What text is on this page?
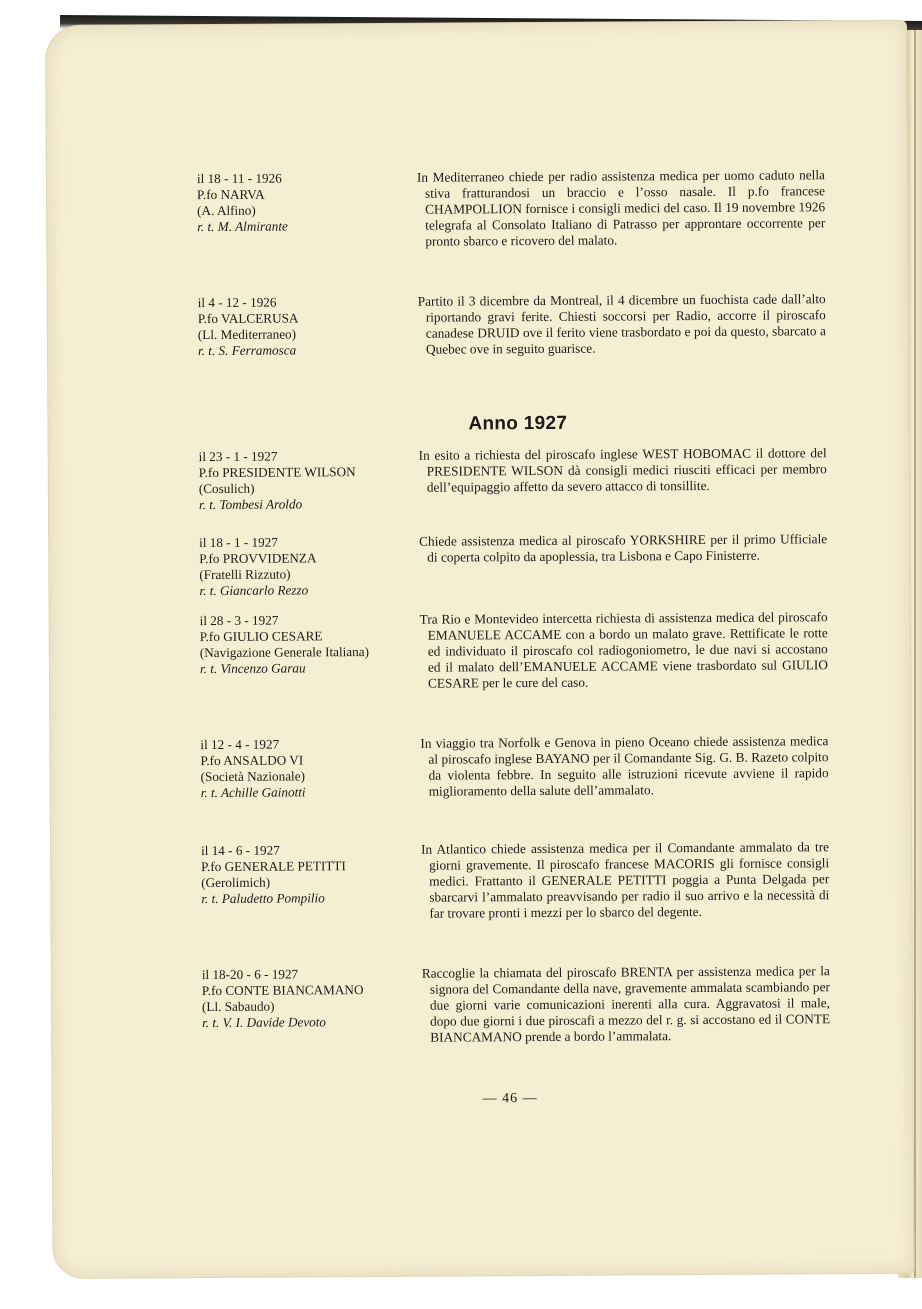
il 18 - 11 - 1926
P.fo NARVA
(A. Alfino)
r. t. M. Almirante

In Mediterraneo chiede per radio assistenza medica per uomo caduto nella stiva fratturandosi un braccio e l’osso nasale. Il p.fo francese CHAMPOLLION fornisce i consigli medici del caso. Il 19 novembre 1926 telegrafa al Consolato Italiano di Patrasso per approntare occorrente per pronto sbarco e ricovero del malato.

il 4 - 12 - 1926
P.fo VALCERUSA
(Ll. Mediterraneo)
r. t. S. Ferramosca

Partito il 3 dicembre da Montreal, il 4 dicembre un fuochista cade dall’alto riportando gravi ferite. Chiesti soccorsi per Radio, accorre il piroscafo canadese DRUID ove il ferito viene trasbordato e poi da questo, sbarcato a Quebec ove in seguito guarisce.

Anno 1927
il 23 - 1 - 1927
P.fo PRESIDENTE WILSON
(Cosulich)
r. t. Tombesi Aroldo

In esito a richiesta del piroscafo inglese WEST HOBOMAC il dottore del PRESIDENTE WILSON dà consigli medici riusciti efficaci per membro dell’equipaggio affetto da severo attacco di tonsillite.

il 18 - 1 - 1927
P.fo PROVVIDENZA
(Fratelli Rizzuto)
r. t. Giancarlo Rezzo

Chiede assistenza medica al piroscafo YORKSHIRE per il primo Ufficiale di coperta colpito da apoplessia, tra Lisbona e Capo Finisterre.

il 28 - 3 - 1927
P.fo GIULIO CESARE
(Navigazione Generale Italiana)
r. t. Vincenzo Garau

Tra Rio e Montevideo intercetta richiesta di assistenza medica del piroscafo EMANUELE ACCAME con a bordo un malato grave. Rettificate le rotte ed individuato il piroscafo col radiogoniometro, le due navi si accostano ed il malato dell’EMANUELE ACCAME viene trasbordato sul GIULIO CESARE per le cure del caso.

il 12 - 4 - 1927
P.fo ANSALDO VI
(Società Nazionale)
r. t. Achille Gainotti

In viaggio tra Norfolk e Genova in pieno Oceano chiede assistenza medica al piroscafo inglese BAYANO per il Comandante Sig. G. B. Razeto colpito da violenta febbre. In seguito alle istruzioni ricevute avviene il rapido miglioramento della salute dell’ammalato.

il 14 - 6 - 1927
P.fo GENERALE PETITTI
(Gerolimich)
r. t. Paludetto Pompilio

In Atlantico chiede assistenza medica per il Comandante ammalato da tre giorni gravemente. Il piroscafo francese MACORIS gli fornisce consigli medici. Frattanto il GENERALE PETITTI poggia a Punta Delgada per sbarcarvi l’ammalato preavvisando per radio il suo arrivo e la necessità di far trovare pronti i mezzi per lo sbarco del degente.

il 18-20 - 6 - 1927
P.fo CONTE BIANCAMANO
(Ll. Sabaudo)
r. t. V. I. Davide Devoto

Raccoglie la chiamata del piroscafo BRENTA per assistenza medica per la signora del Comandante della nave, gravemente ammalata scambiando per due giorni varie comunicazioni inerenti alla cura. Aggravatosi il male, dopo due giorni i due piroscafi a mezzo del r. g. si accostano ed il CONTE BIANCAMANO prende a bordo l’ammalata.

— 46 —
